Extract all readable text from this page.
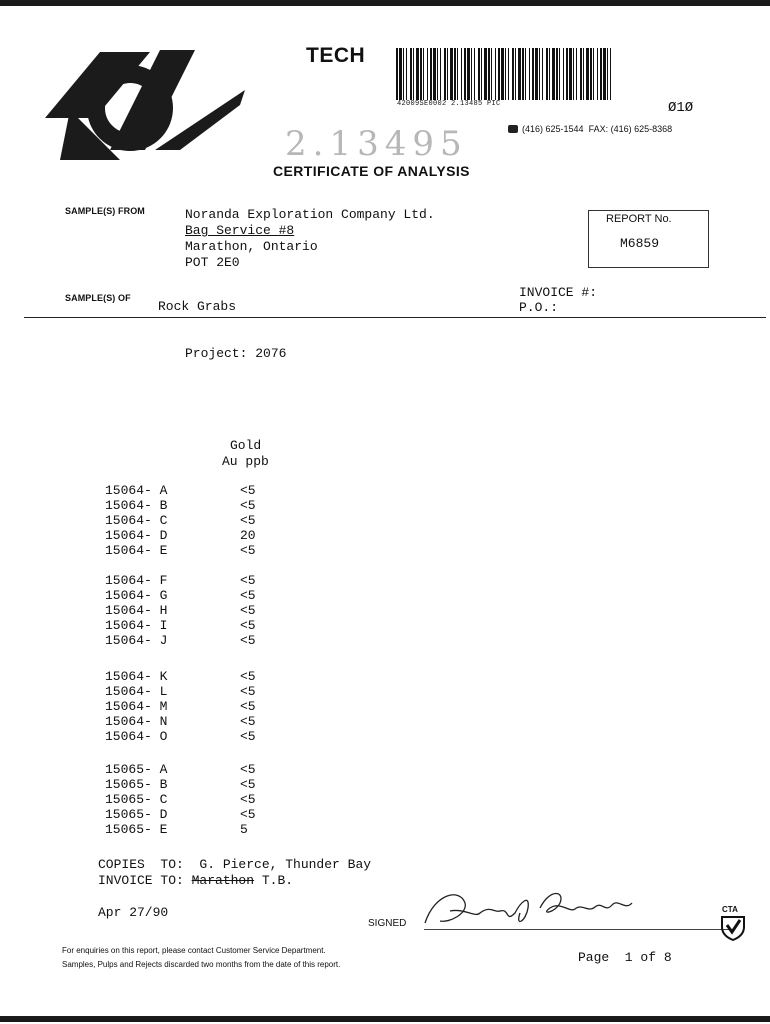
TECH
42009SE0002 2.13485 PIC	Ø1Ø
(416) 625-1544 FAX: (416) 625-8368
2.13495
CERTIFICATE OF ANALYSIS
SAMPLE(S) FROM	Noranda Exploration Company Ltd.
Bag Service #8
Marathon, Ontario
POT 2E0
REPORT No.
M6859
SAMPLE(S) OF
Rock Grabs
INVOICE #:
P.O.:
Project: 2076
Gold
Au ppb
15064- A	<5
15064- B	<5
15064- C	<5
15064- D	20
15064- E	<5
15064- F	<5
15064- G	<5
15064- H	<5
15064- I	<5
15064- J	<5
15064- K	<5
15064- L	<5
15064- M	<5
15064- N	<5
15064- O	<5
15065- A	<5
15065- B	<5
15065- C	<5
15065- D	<5
15065- E	5
COPIES  TO:  G. Pierce, Thunder Bay
INVOICE TO: Marathon T.B.
Apr 27/90
SIGNED
CTA
For enquiries on this report, please contact Customer Service Department.
Samples, Pulps and Rejects discarded two months from the date of this report.	Page  1 of 8
